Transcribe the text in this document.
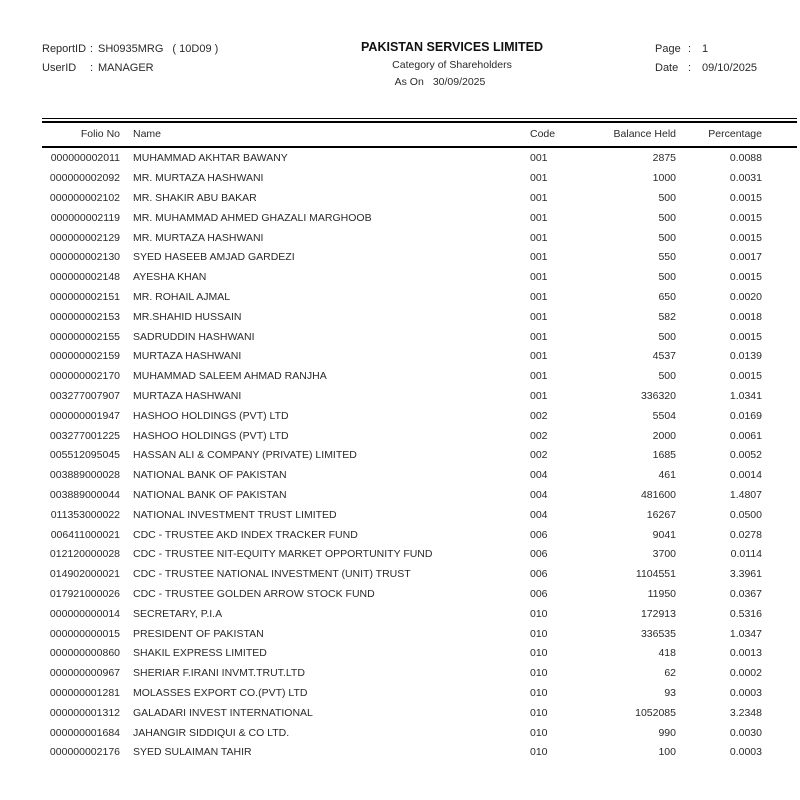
ReportID : SH0935MRG ( 10D09 )
UserID	: MANAGER
PAKISTAN SERVICES LIMITED
Category of Shareholders
As On 30/09/2025
Page : 1
Date : 09/10/2025
Folio No	Name	Code	Balance Held	Percentage
000000002011	MUHAMMAD AKHTAR BAWANY	001	2875	0.0088
000000002092	MR. MURTAZA HASHWANI	001	1000	0.0031
000000002102	MR. SHAKIR ABU BAKAR	001	500	0.0015
000000002119	MR. MUHAMMAD AHMED GHAZALI MARGHOOB	001	500	0.0015
000000002129	MR. MURTAZA HASHWANI	001	500	0.0015
000000002130	SYED HASEEB AMJAD GARDEZI	001	550	0.0017
000000002148	AYESHA KHAN	001	500	0.0015
000000002151	MR. ROHAIL AJMAL	001	650	0.0020
000000002153	MR.SHAHID HUSSAIN	001	582	0.0018
000000002155	SADRUDDIN HASHWANI	001	500	0.0015
000000002159	MURTAZA HASHWANI	001	4537	0.0139
000000002170	MUHAMMAD SALEEM AHMAD RANJHA	001	500	0.0015
003277007907	MURTAZA HASHWANI	001	336320	1.0341
000000001947	HASHOO HOLDINGS (PVT) LTD	002	5504	0.0169
003277001225	HASHOO HOLDINGS (PVT) LTD	002	2000	0.0061
005512095045	HASSAN ALI & COMPANY (PRIVATE) LIMITED	002	1685	0.0052
003889000028	NATIONAL BANK OF PAKISTAN	004	461	0.0014
003889000044	NATIONAL BANK OF PAKISTAN	004	481600	1.4807
011353000022	NATIONAL INVESTMENT TRUST LIMITED	004	16267	0.0500
006411000021	CDC - TRUSTEE AKD INDEX TRACKER FUND	006	9041	0.0278
012120000028	CDC - TRUSTEE NIT-EQUITY MARKET OPPORTUNITY FUND	006	3700	0.0114
014902000021	CDC - TRUSTEE NATIONAL INVESTMENT (UNIT) TRUST	006	1104551	3.3961
017921000026	CDC - TRUSTEE GOLDEN ARROW STOCK FUND	006	11950	0.0367
000000000014	SECRETARY, P.I.A	010	172913	0.5316
000000000015	PRESIDENT OF PAKISTAN	010	336535	1.0347
000000000860	SHAKIL EXPRESS LIMITED	010	418	0.0013
000000000967	SHERIAR F.IRANI INVMT.TRUT.LTD	010	62	0.0002
000000001281	MOLASSES EXPORT CO.(PVT) LTD	010	93	0.0003
000000001312	GALADARI INVEST INTERNATIONAL	010	1052085	3.2348
000000001684	JAHANGIR SIDDIQUI & CO LTD.	010	990	0.0030
000000002176	SYED SULAIMAN TAHIR	010	100	0.0003
